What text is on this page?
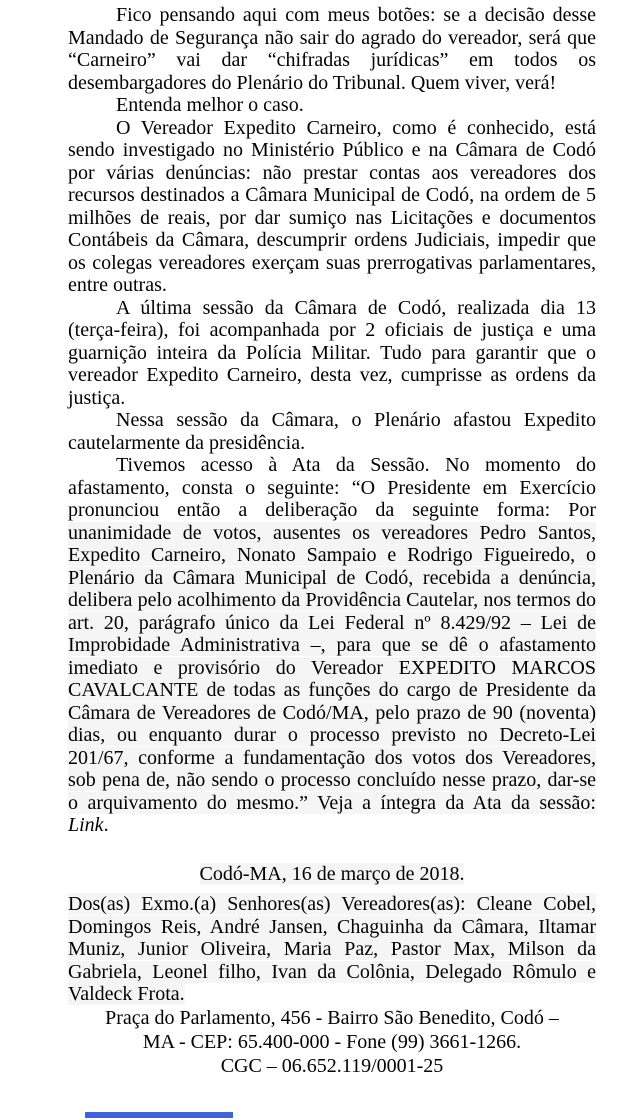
Fico pensando aqui com meus botões: se a decisão desse Mandado de Segurança não sair do agrado do vereador, será que “Carneiro” vai dar “chifradas jurídicas” em todos os desembargadores do Plenário do Tribunal. Quem viver, verá!

Entenda melhor o caso.

O Vereador Expedito Carneiro, como é conhecido, está sendo investigado no Ministério Público e na Câmara de Codó por várias denúncias: não prestar contas aos vereadores dos recursos destinados a Câmara Municipal de Codó, na ordem de 5 milhões de reais, por dar sumiço nas Licitações e documentos Contábeis da Câmara, descumprir ordens Judiciais, impedir que os colegas vereadores exerçam suas prerrogativas parlamentares, entre outras.

A última sessão da Câmara de Codó, realizada dia 13 (terça-feira), foi acompanhada por 2 oficiais de justiça e uma guarnição inteira da Polícia Militar. Tudo para garantir que o vereador Expedito Carneiro, desta vez, cumprisse as ordens da justiça.

Nessa sessão da Câmara, o Plenário afastou Expedito cautelarmente da presidência.

Tivemos acesso à Ata da Sessão. No momento do afastamento, consta o seguinte: “O Presidente em Exercício pronunciou então a deliberação da seguinte forma: Por unanimidade de votos, ausentes os vereadores Pedro Santos, Expedito Carneiro, Nonato Sampaio e Rodrigo Figueiredo, o Plenário da Câmara Municipal de Codó, recebida a denúncia, delibera pelo acolhimento da Providência Cautelar, nos termos do art. 20, parágrafo único da Lei Federal nº 8.429/92 – Lei de Improbidade Administrativa –, para que se dê o afastamento imediato e provisório do Vereador EXPEDITO MARCOS CAVALCANTE de todas as funções do cargo de Presidente da Câmara de Vereadores de Codó/MA, pelo prazo de 90 (noventa) dias, ou enquanto durar o processo previsto no Decreto-Lei 201/67, conforme a fundamentação dos votos dos Vereadores, sob pena de, não sendo o processo concluído nesse prazo, dar-se o arquivamento do mesmo.” Veja a íntegra da Ata da sessão: Link.

Codó-MA, 16 de março de 2018.

Dos(as) Exmo.(a) Senhores(as) Vereadores(as): Cleane Cobel, Domingos Reis, André Jansen, Chaguinha da Câmara, Iltamar Muniz, Junior Oliveira, Maria Paz, Pastor Max, Milson da Gabriela, Leonel filho, Ivan da Colônia, Delegado Rômulo e Valdeck Frota.

Praça do Parlamento, 456 - Bairro São Benedito, Codó –
MA - CEP: 65.400-000 - Fone (99) 3661-1266.
CGC – 06.652.119/0001-25
